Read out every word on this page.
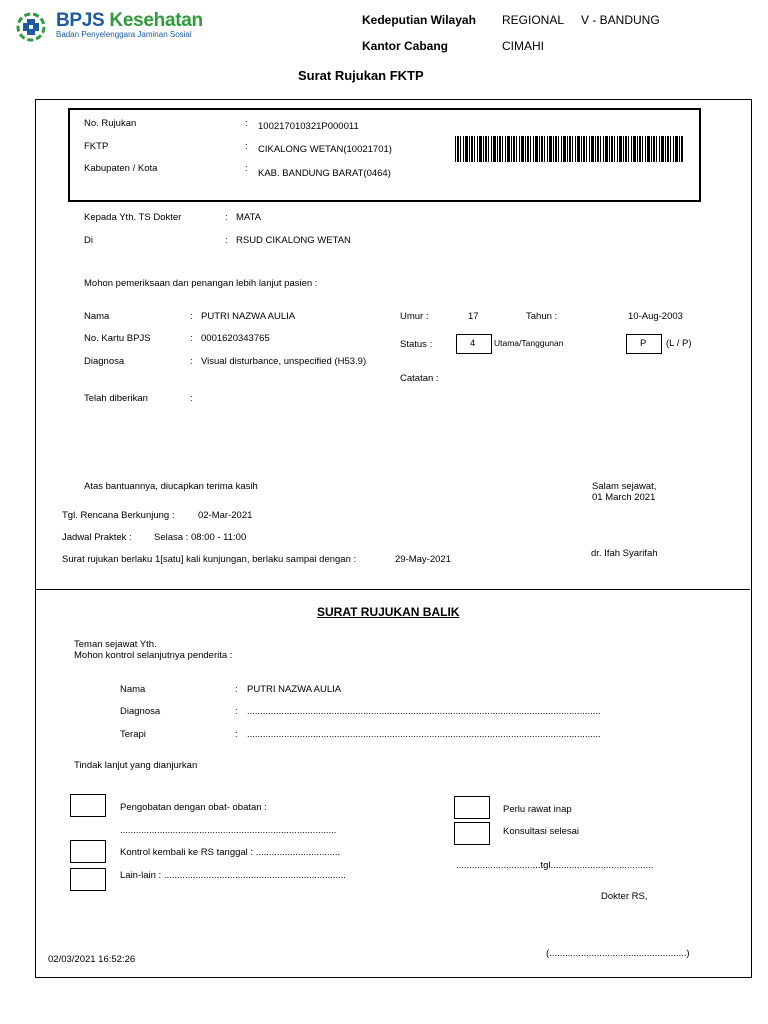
BPJS Kesehatan
Badan Penyelenggara Jaminan Sosial
Kedeputian Wilayah REGIONAL V - BANDUNG
Kantor Cabang	CIMAHI
Surat Rujukan FKTP
No. Rujukan	: 100217010321P000011
FKTP	: CIKALONG WETAN(10021701)
Kabupaten / Kota	: KAB. BANDUNG BARAT(0464)
Kepada Yth. TS Dokter	: MATA
Di	: RSUD CIKALONG WETAN
Mohon pemeriksaan dan penangan lebih lanjut pasien :
Nama	: PUTRI NAZWA AULIA
No. Kartu BPJS	: 0001620343765
Diagnosa	: Visual disturbance, unspecified (H53.9)
Telah diberikan	:
Umur :	17	Tahun :	10-Aug-2003
Status :	4 Utama/Tanggunan	P (L / P)
Catatan :
Atas bantuannya, diucapkan terima kasih	Salam sejawat,
01 March 2021
Tgl. Rencana Berkunjung : 02-Mar-2021
Jadwal Praktek : Selasa : 08:00 - 11:00
Surat rujukan berlaku 1[satu] kali kunjungan, berlaku sampai dengan :	29-May-2021
dr. Ifah Syarifah
SURAT RUJUKAN BALIK
Teman sejawat Yth.
Mohon kontrol selanjutnya penderita :
Nama	: PUTRI NAZWA AULIA
Diagnosa	: ......................................................................................................................................
Terapi	: ......................................................................................................................................
Tindak lanjut yang dianjurkan
Pengobatan dengan obat- obatan :
..................................................................................
Kontrol kembali ke RS tanggal : ................................
Lain-lain : .....................................................................
Perlu rawat inap
Konsultasi selesai
................................tgl.......................................
Dokter RS,
(....................................................)
02/03/2021 16:52:26
